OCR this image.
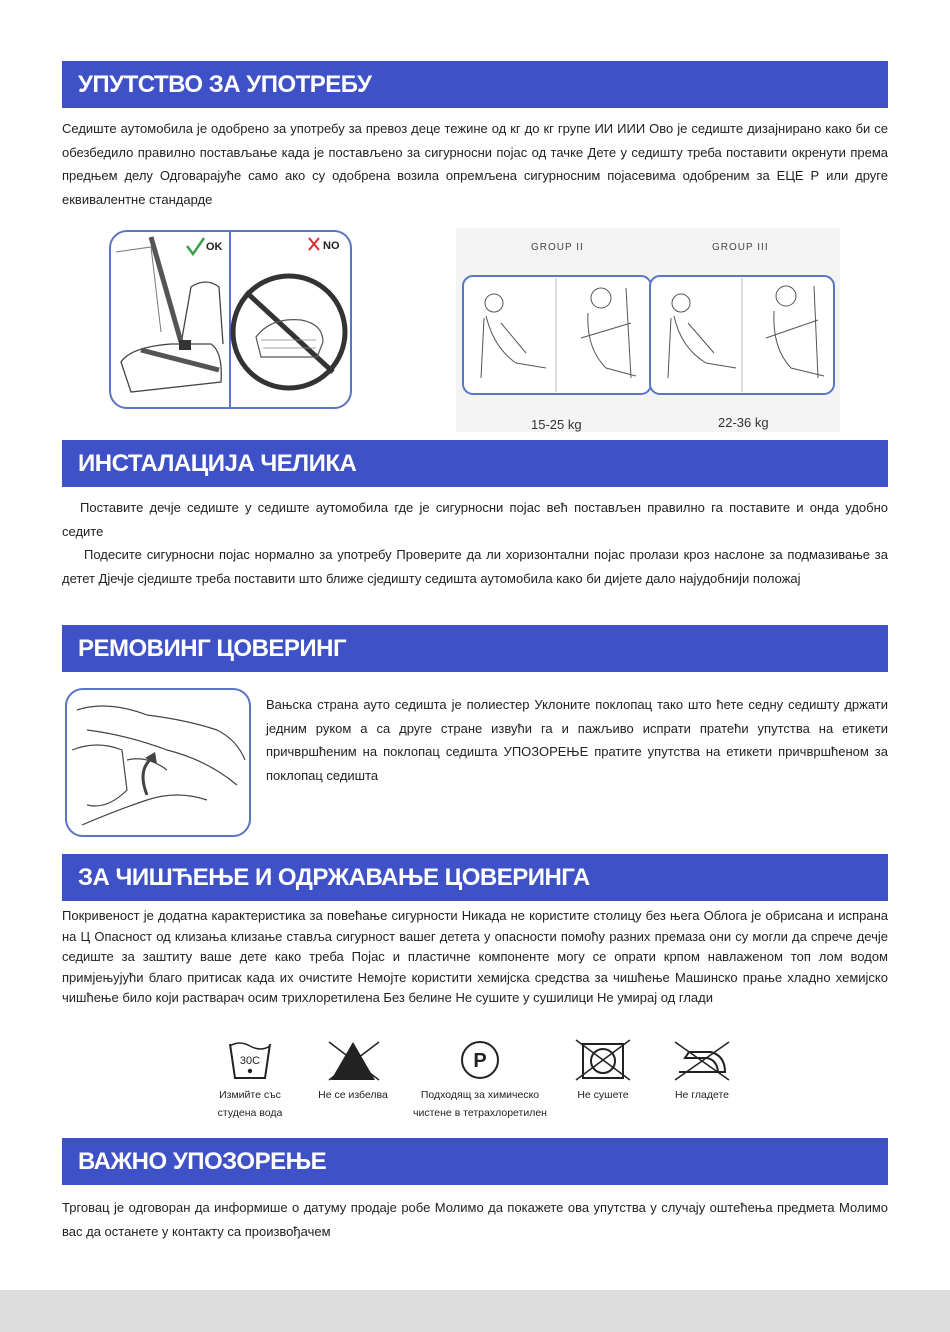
УПУТСТВО ЗА УПОТРЕБУ

Седиште аутомобила је одобрено за употребу за превоз деце тежине од кг до кг групе ИИ ИИИ Ово је седиште дизајнирано како би се обезбедило правилно постављање када је постављено за сигурносни појас од тачке Дете у седишту треба поставити окренути према предњем делу Одговарајуће само ако су одобрена возила опремљена сигурносним појасевима одобреним за ЕЦЕ Р или друге еквивалентне стандарде

OK	NO	GROUP II	GROUP III
15-25 kg	22-36 kg
ИНСТАЛАЦИЈА ЧЕЛИКА

Поставите дечје седиште у седиште аутомобила где је сигурносни појас већ постављен правилно га поставите и онда удобно седите

Подесите сигурносни појас нормално за употребу Проверите да ли хоризонтални појас пролази кроз наслоне за подмазивање за детет Дјечје сједиште треба поставити што ближе сједишту седишта аутомобила како би дијете дало најудобнији положај

РЕМОВИНГ ЦОВЕРИНГ

Вањска страна ауто седишта је полиестер Уклоните поклопац тако што ћете седну седишту држати једним руком а са друге стране извући га и пажљиво испрати пратећи упутства на етикети причвршћеним на поклопац седишта УПОЗОРЕЊЕ пратите упутства на етикети причвршћеном за поклопац седишта

ЗА ЧИШЋЕЊЕ И ОДРЖАВАЊЕ ЦОВЕРИНГА

Покривеност је додатна карактеристика за повећање сигурности Никада не користите столицу без њега Облога је обрисана и испрана на Ц Опасност од клизања клизање ставља сигурност вашег детета у опасности помоћу разних премаза они су могли да спрече дечје седиште за заштиту ваше дете како треба Појас и пластичне компоненте могу се опрати крпом навлаженом топ лом водом примјењујући благо притисак када их очистите Немојте користити хемијска средства за чишћење Машинско прање хладно хемијско чишћење било који растварач осим трихлоретилена Без белине Не сушите у сушилици Не умирај од глади

30C
Измийте със
студена вода
Не се избелва
P
Подходящ за химическо
чистене в тетрахлоретилен
Не сушете	Не гладете
ВАЖНО УПОЗОРЕЊЕ

Трговац је одговоран да информише о датуму продаје робе Молимо да покажете ова упутства у случају оштећења предмета Молимо вас да останете у контакту са произвођачем
